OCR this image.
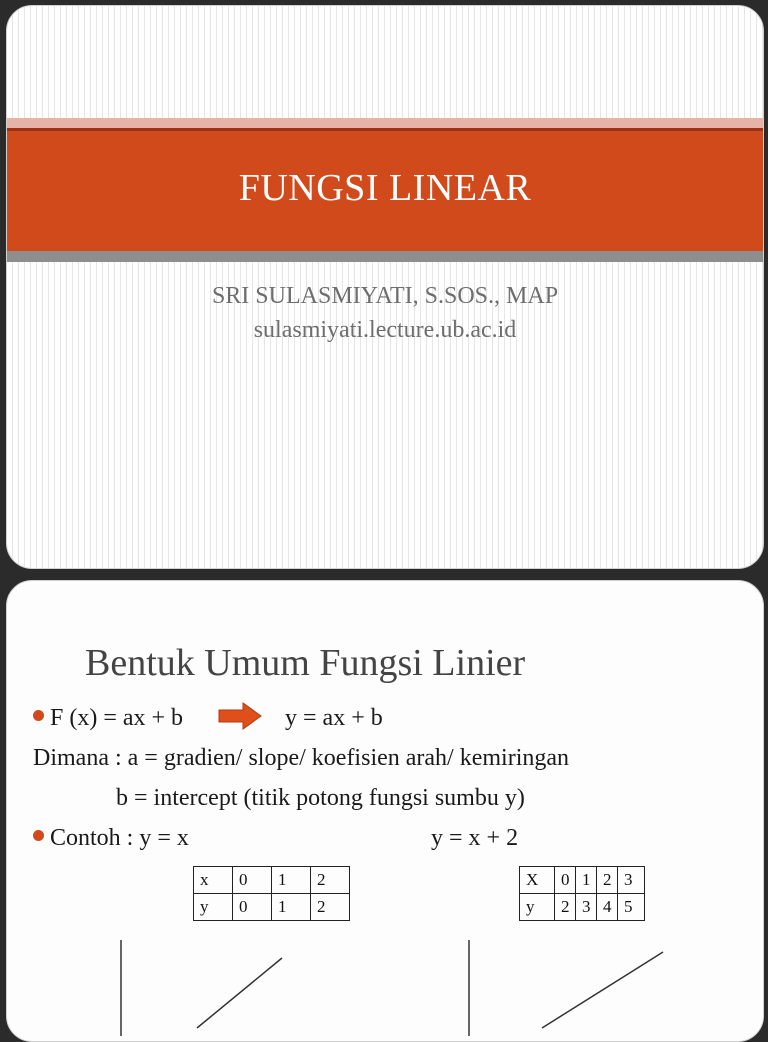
FUNGSI LINEAR
SRI SULASMIYATI, S.SOS., MAP
sulasmiyati.lecture.ub.ac.id
Bentuk Umum Fungsi Linier
F (x) = ax + b	y = ax + b
Dimana : a = gradien/ slope/ koefisien arah/ kemiringan
b = intercept (titik potong fungsi sumbu y)
Contoh : y = x	y = x + 2
x	0	1	2
y	0	1	2
X	0	1	2	3
y	2	3	4	5
